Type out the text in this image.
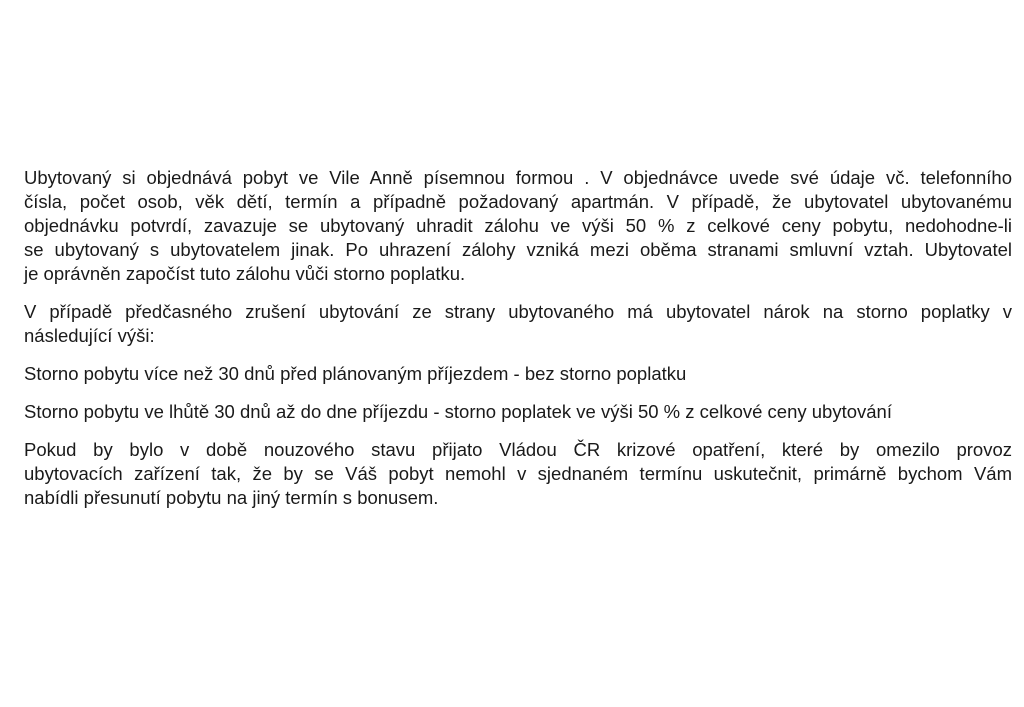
Ubytovaný si objednává pobyt ve Vile Anně písemnou formou . V objednávce uvede své údaje vč. telefonního
čísla, počet osob, věk dětí, termín a případně požadovaný apartmán. V případě, že ubytovatel ubytovanému
objednávku potvrdí, zavazuje se ubytovaný uhradit zálohu ve výši 50 % z celkové ceny pobytu, nedohodne-li
se ubytovaný s ubytovatelem jinak. Po uhrazení zálohy vzniká mezi oběma stranami smluvní vztah. Ubytovatel
je oprávněn započíst tuto zálohu vůči storno poplatku.

V případě předčasného zrušení ubytování ze strany ubytovaného má ubytovatel nárok na storno poplatky v
následující výši:

Storno pobytu více než 30 dnů před plánovaným příjezdem - bez storno poplatku

Storno pobytu ve lhůtě 30 dnů až do dne příjezdu - storno poplatek ve výši 50 % z celkové ceny ubytování

Pokud by bylo v době nouzového stavu přijato Vládou ČR krizové opatření, které by omezilo provoz
ubytovacích zařízení tak, že by se Váš pobyt nemohl v sjednaném termínu uskutečnit, primárně bychom Vám
nabídli přesunutí pobytu na jiný termín s bonusem.
